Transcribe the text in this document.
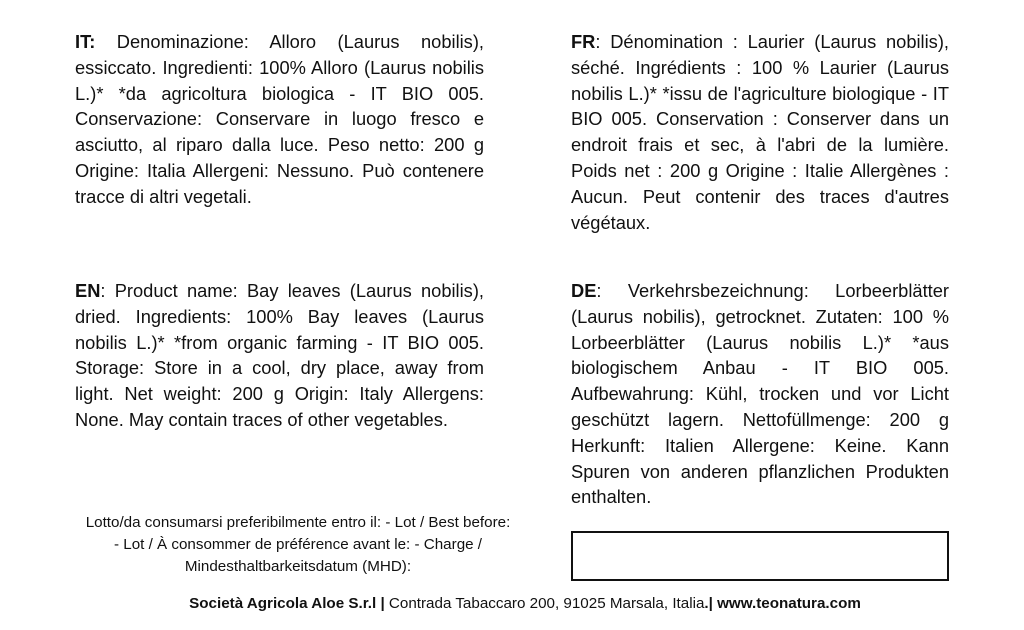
IT: Denominazione: Alloro (Laurus nobilis), essiccato. Ingredienti: 100% Alloro (Laurus nobilis L.)* *da agricoltura biologica - IT BIO 005. Conservazione: Conservare in luogo fresco e asciutto, al riparo dalla luce. Peso netto: 200 g Origine: Italia Allergeni: Nessuno. Può contenere tracce di altri vegetali.
FR: Dénomination : Laurier (Laurus nobilis), séché. Ingrédients : 100 % Laurier (Laurus nobilis L.)* *issu de l'agriculture biologique - IT BIO 005. Conservation : Conserver dans un endroit frais et sec, à l'abri de la lumière. Poids net : 200 g Origine : Italie Allergènes : Aucun. Peut contenir des traces d'autres végétaux.
EN: Product name: Bay leaves (Laurus nobilis), dried. Ingredients: 100% Bay leaves (Laurus nobilis L.)* *from organic farming - IT BIO 005. Storage: Store in a cool, dry place, away from light. Net weight: 200 g Origin: Italy Allergens: None. May contain traces of other vegetables.
DE: Verkehrsbezeichnung: Lorbeerblätter (Laurus nobilis), getrocknet. Zutaten: 100 % Lorbeerblätter (Laurus nobilis L.)* *aus biologischem Anbau - IT BIO 005. Aufbewahrung: Kühl, trocken und vor Licht geschützt lagern. Nettofüllmenge: 200 g Herkunft: Italien Allergene: Keine. Kann Spuren von anderen pflanzlichen Produkten enthalten.
Lotto/da consumarsi preferibilmente entro il: - Lot / Best before:
- Lot / À consommer de préférence avant le: - Charge /
Mindesthaltbarkeitsdatum (MHD):
Società Agricola Aloe S.r.l | Contrada Tabaccaro 200, 91025 Marsala, Italia.| www.teonatura.com
